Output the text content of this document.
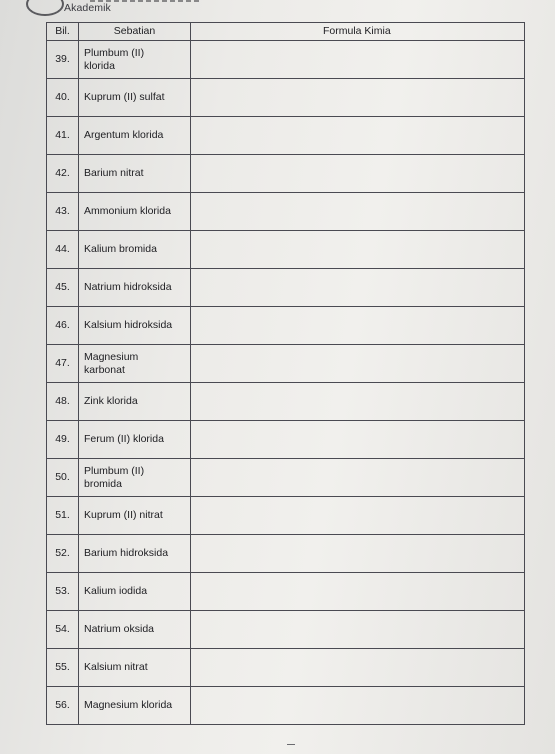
Akademik
Bil.	Sebatian	Formula Kimia
39.	Plumbum (II)
klorida	
40.	Kuprum (II) sulfat	
41.	Argentum klorida	
42.	Barium nitrat	
43.	Ammonium klorida	
44.	Kalium bromida	
45.	Natrium hidroksida	
46.	Kalsium hidroksida	
47.	Magnesium
karbonat	
48.	Zink klorida	
49.	Ferum (II) klorida	
50.	Plumbum (II)
bromida	
51.	Kuprum (II) nitrat	
52.	Barium hidroksida	
53.	Kalium iodida	
54.	Natrium oksida	
55.	Kalsium nitrat	
56.	Magnesium klorida	
